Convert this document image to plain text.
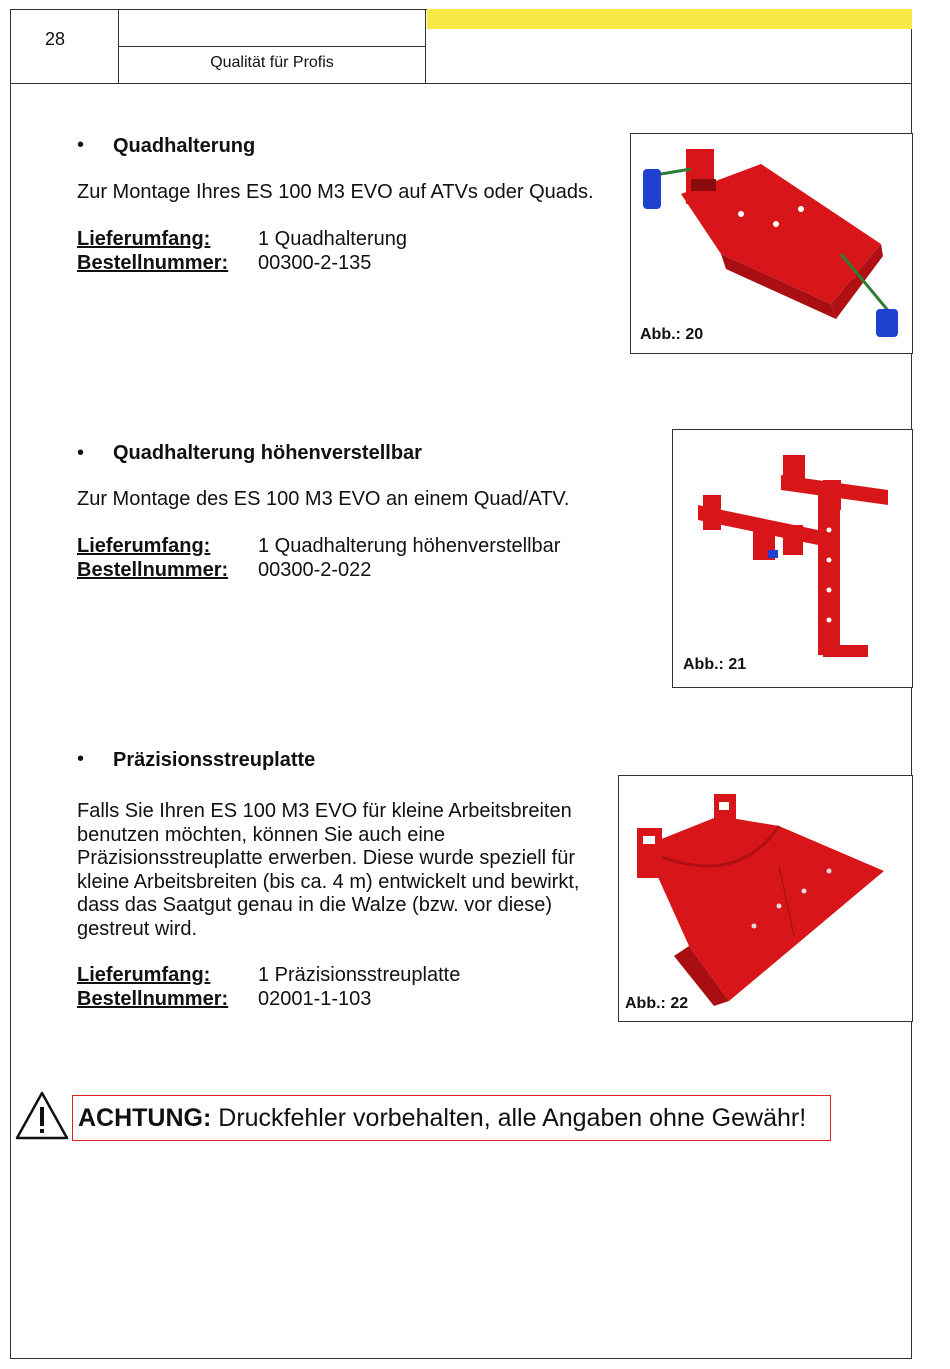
28
Qualität für Profis
• Quadhalterung
Zur Montage Ihres ES 100 M3 EVO auf ATVs oder Quads.
Lieferumfang: 1 Quadhalterung
Bestellnummer: 00300-2-135
Abb.: 20
• Quadhalterung höhenverstellbar
Zur Montage des ES 100 M3 EVO an einem Quad/ATV.
Lieferumfang: 1 Quadhalterung höhenverstellbar
Bestellnummer: 00300-2-022
Abb.: 21
• Präzisionsstreuplatte
Falls Sie Ihren ES 100 M3 EVO für kleine Arbeitsbreiten
benutzen möchten, können Sie auch eine
Präzisionsstreuplatte erwerben. Diese wurde speziell für
kleine Arbeitsbreiten (bis ca. 4 m) entwickelt und bewirkt,
dass das Saatgut genau in die Walze (bzw. vor diese)
gestreut wird.
Lieferumfang: 1 Präzisionsstreuplatte
Bestellnummer: 02001-1-103	Abb.: 22
ACHTUNG: Druckfehler vorbehalten, alle Angaben ohne Gewähr!
